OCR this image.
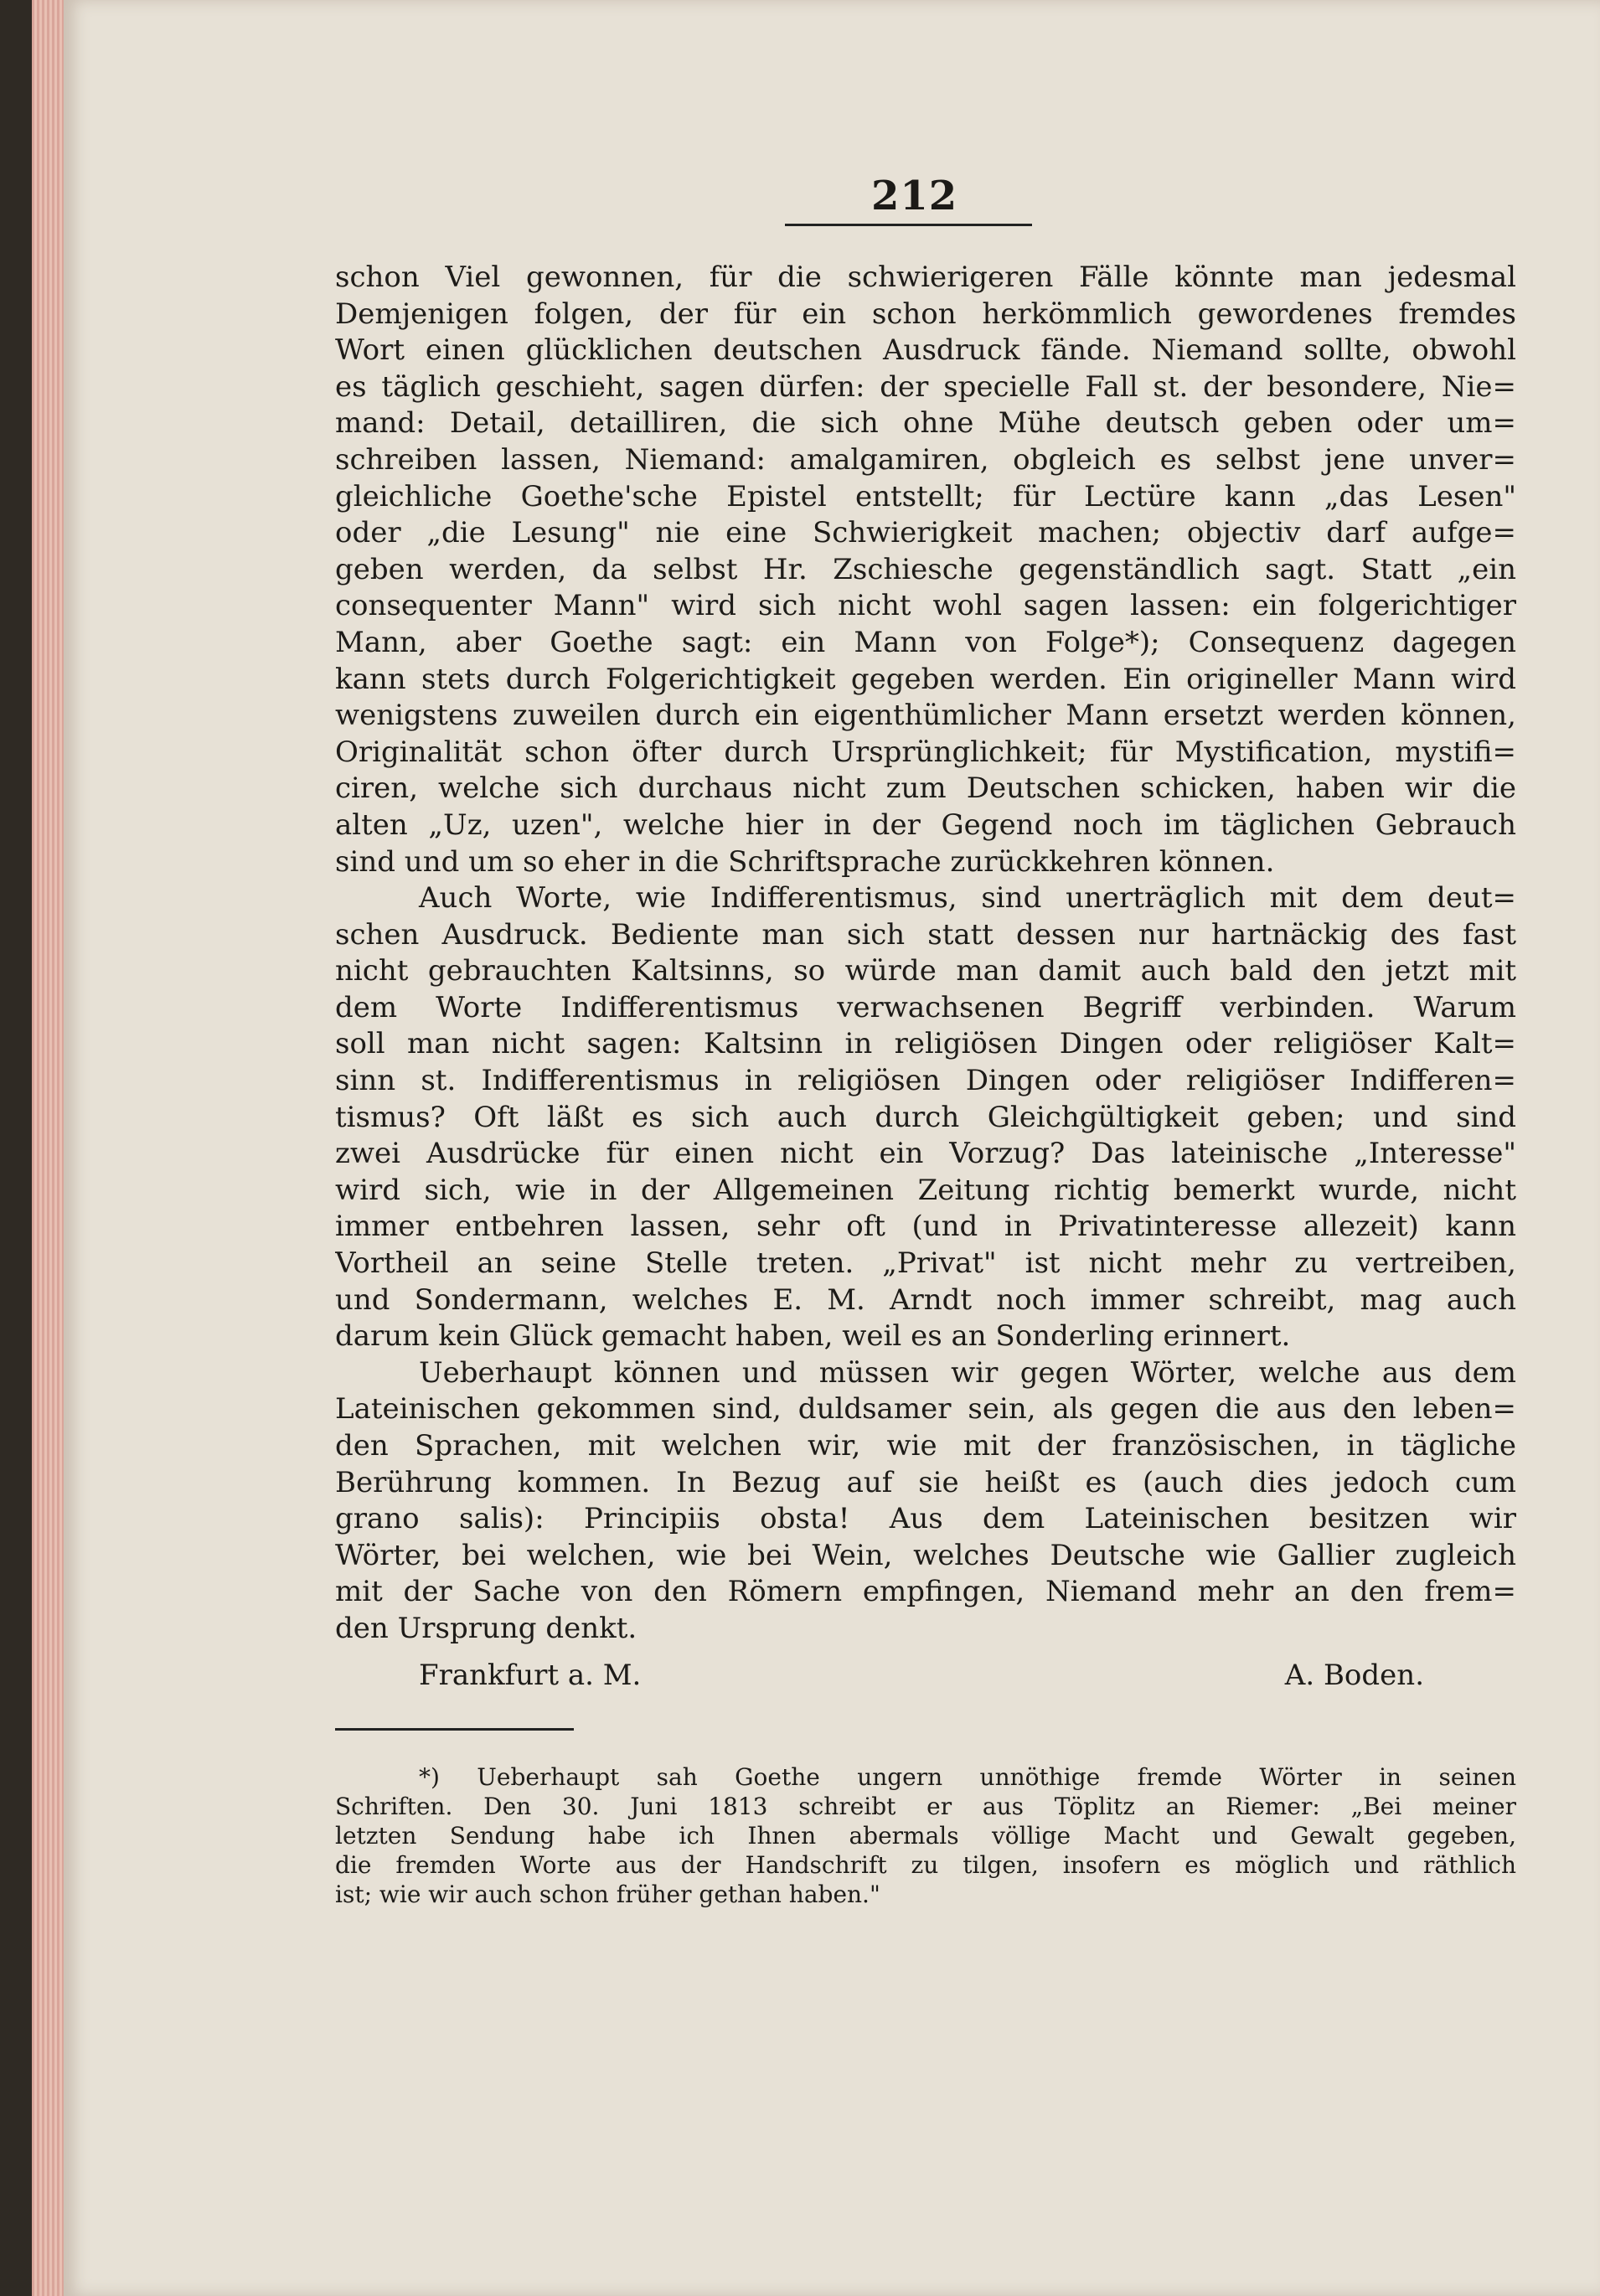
212
schon Viel gewonnen, für die schwierigeren Fälle könnte man jedesmal
Demjenigen folgen, der für ein schon herkömmlich gewordenes fremdes
Wort einen glücklichen deutschen Ausdruck fände. Niemand sollte, obwohl
es täglich geschieht, sagen dürfen: der specielle Fall st. der besondere, Nie=
mand: Detail, detailliren, die sich ohne Mühe deutsch geben oder um=
schreiben lassen, Niemand: amalgamiren, obgleich es selbst jene unver=
gleichliche Goethe'sche Epistel entstellt; für Lectüre kann „das Lesen"
oder „die Lesung" nie eine Schwierigkeit machen; objectiv darf aufge=
geben werden, da selbst Hr. Zschiesche gegenständlich sagt. Statt „ein
consequenter Mann" wird sich nicht wohl sagen lassen: ein folgerichtiger
Mann, aber Goethe sagt: ein Mann von Folge*); Consequenz dagegen
kann stets durch Folgerichtigkeit gegeben werden. Ein origineller Mann wird
wenigstens zuweilen durch ein eigenthümlicher Mann ersetzt werden können,
Originalität schon öfter durch Ursprünglichkeit; für Mystification, mystifi=
ciren, welche sich durchaus nicht zum Deutschen schicken, haben wir die
alten „Uz, uzen", welche hier in der Gegend noch im täglichen Gebrauch
sind und um so eher in die Schriftsprache zurückkehren können.
Auch Worte, wie Indifferentismus, sind unerträglich mit dem deut=
schen Ausdruck. Bediente man sich statt dessen nur hartnäckig des fast
nicht gebrauchten Kaltsinns, so würde man damit auch bald den jetzt mit
dem Worte Indifferentismus verwachsenen Begriff verbinden. Warum
soll man nicht sagen: Kaltsinn in religiösen Dingen oder religiöser Kalt=
sinn st. Indifferentismus in religiösen Dingen oder religiöser Indifferen=
tismus? Oft läßt es sich auch durch Gleichgültigkeit geben; und sind
zwei Ausdrücke für einen nicht ein Vorzug? Das lateinische „Interesse"
wird sich, wie in der Allgemeinen Zeitung richtig bemerkt wurde, nicht
immer entbehren lassen, sehr oft (und in Privatinteresse allezeit) kann
Vortheil an seine Stelle treten. „Privat" ist nicht mehr zu vertreiben,
und Sondermann, welches E. M. Arndt noch immer schreibt, mag auch
darum kein Glück gemacht haben, weil es an Sonderling erinnert.
Ueberhaupt können und müssen wir gegen Wörter, welche aus dem
Lateinischen gekommen sind, duldsamer sein, als gegen die aus den leben=
den Sprachen, mit welchen wir, wie mit der französischen, in tägliche
Berührung kommen. In Bezug auf sie heißt es (auch dies jedoch cum
grano salis): Principiis obsta! Aus dem Lateinischen besitzen wir
Wörter, bei welchen, wie bei Wein, welches Deutsche wie Gallier zugleich
mit der Sache von den Römern empfingen, Niemand mehr an den frem=
den Ursprung denkt.
Frankfurt a. M.	A. Boden.
*) Ueberhaupt sah Goethe ungern unnöthige fremde Wörter in seinen
Schriften. Den 30. Juni 1813 schreibt er aus Töplitz an Riemer: „Bei meiner
letzten Sendung habe ich Ihnen abermals völlige Macht und Gewalt gegeben,
die fremden Worte aus der Handschrift zu tilgen, insofern es möglich und räthlich
ist; wie wir auch schon früher gethan haben."
